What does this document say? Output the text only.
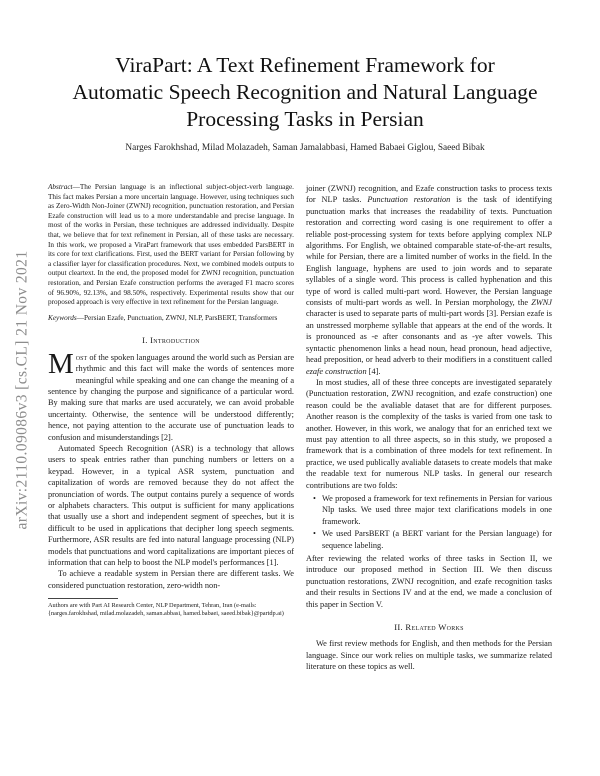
arXiv:2110.09086v3 [cs.CL] 21 Nov 2021
ViraPart: A Text Refinement Framework for Automatic Speech Recognition and Natural Language Processing Tasks in Persian
Narges Farokhshad, Milad Molazadeh, Saman Jamalabbasi, Hamed Babaei Giglou, Saeed Bibak

Abstract—The Persian language is an inflectional subject-object-verb language. This fact makes Persian a more uncertain language. However, using techniques such as Zero-Width Non-Joiner (ZWNJ) recognition, punctuation restoration, and Persian Ezafe construction will lead us to a more understandable and precise language. In most of the works in Persian, these techniques are addressed individually. Despite that, we believe that for text refinement in Persian, all of these tasks are necessary. In this work, we proposed a ViraPart framework that uses embedded ParsBERT in its core for text clarifications. First, used the BERT variant for Persian following by a classifier layer for classification procedures. Next, we combined models outputs to output cleartext. In the end, the proposed model for ZWNJ recognition, punctuation restoration, and Persian Ezafe construction performs the averaged F1 macro scores of 96.90%, 92.13%, and 98.50%, respectively. Experimental results show that our proposed approach is very effective in text refinement for the Persian language.

Keywords—Persian Ezafe, Punctuation, ZWNJ, NLP, ParsBERT, Transformers

I. Introduction

Most of the spoken languages around the world such as Persian are rhythmic and this fact will make the words of sentences more meaningful while speaking and one can change the meaning of a sentence by changing the purpose and significance of a particular word. By making sure that marks are used accurately, we can avoid probable uncertainty. Otherwise, the sentence will be understood differently; hence, not paying attention to the accurate use of punctuation leads to confusion and misunderstandings [2].

Automated Speech Recognition (ASR) is a technology that allows users to speak entries rather than punching numbers or letters on a keypad. However, in a typical ASR system, punctuation and capitalization of words are removed because they do not affect the pronunciation of words. The output contains purely a sequence of words or alphabets characters. This output is sufficient for many applications that usually use a short and independent segment of speeches, but it is difficult to be used in applications that decipher long speech segments. Furthermore, ASR results are fed into natural language processing (NLP) models that punctuations and word capitalizations are important pieces of information that can help to boost the NLP model's performances [1].

To achieve a readable system in Persian there are different tasks. We considered punctuation restoration, zero-width non-

Authors are with Part AI Research Center, NLP Department, Tehran, Iran (e-mails:{narges.farokhshad, milad.molazadeh, saman.abbasi, hamed.babaei, saeed.bibak}@partdp.ai)

joiner (ZWNJ) recognition, and Ezafe construction tasks to process texts for NLP tasks. Punctuation restoration is the task of identifying punctuation marks that increases the readability of texts. Punctuation restoration and correcting word casing is one requirement to offer a reliable post-processing system for texts before applying complex NLP algorithms. For English, we obtained comparable state-of-the-art results, while for Persian, there are a limited number of works in the field. In the English language, hyphens are used to join words and to separate syllables of a single word. This process is called hyphenation and this type of word is called multi-part word. However, the Persian language consists of multi-part words as well. In Persian morphology, the ZWNJ character is used to separate parts of multi-part words [3]. Persian ezafe is an unstressed morpheme syllable that appears at the end of the words. It is pronounced as -e after consonants and as -ye after vowels. This syntactic phenomenon links a head noun, head pronoun, head adjective, head preposition, or head adverb to their modifiers in a constituent called ezafe construction [4].

In most studies, all of these three concepts are investigated separately (Punctuation restoration, ZWNJ recognition, and ezafe construction) one reason could be the avaliable dataset that are for different purposes. Another reason is the complexity of the tasks is varied from one task to another. However, in this work, we analogy that for an enriched text we must pay attention to all three aspects, so in this study, we proposed a framework that is a combination of three models for text refinement. In practice, we used publically avaliable datasets to create models that make the readable text for numerous NLP tasks. In general our research contributions are two folds:

• We proposed a framework for text refinements in Persian for various Nlp tasks. We used three major text clarifications models in one framework.
• We used ParsBERT (a BERT variant for the Persian language) for sequence labeling.

After reviewing the related works of three tasks in Section II, we introduce our proposed method in Section III. We then discuss punctuation restorations, ZWNJ recognition, and ezafe recognition tasks and their results in Sections IV and at the end, we made a conclusion of this paper in Section V.

II. Related Works

We first review methods for English, and then methods for the Persian language. Since our work relies on multiple tasks, we summarize related literature on these topics as well.
